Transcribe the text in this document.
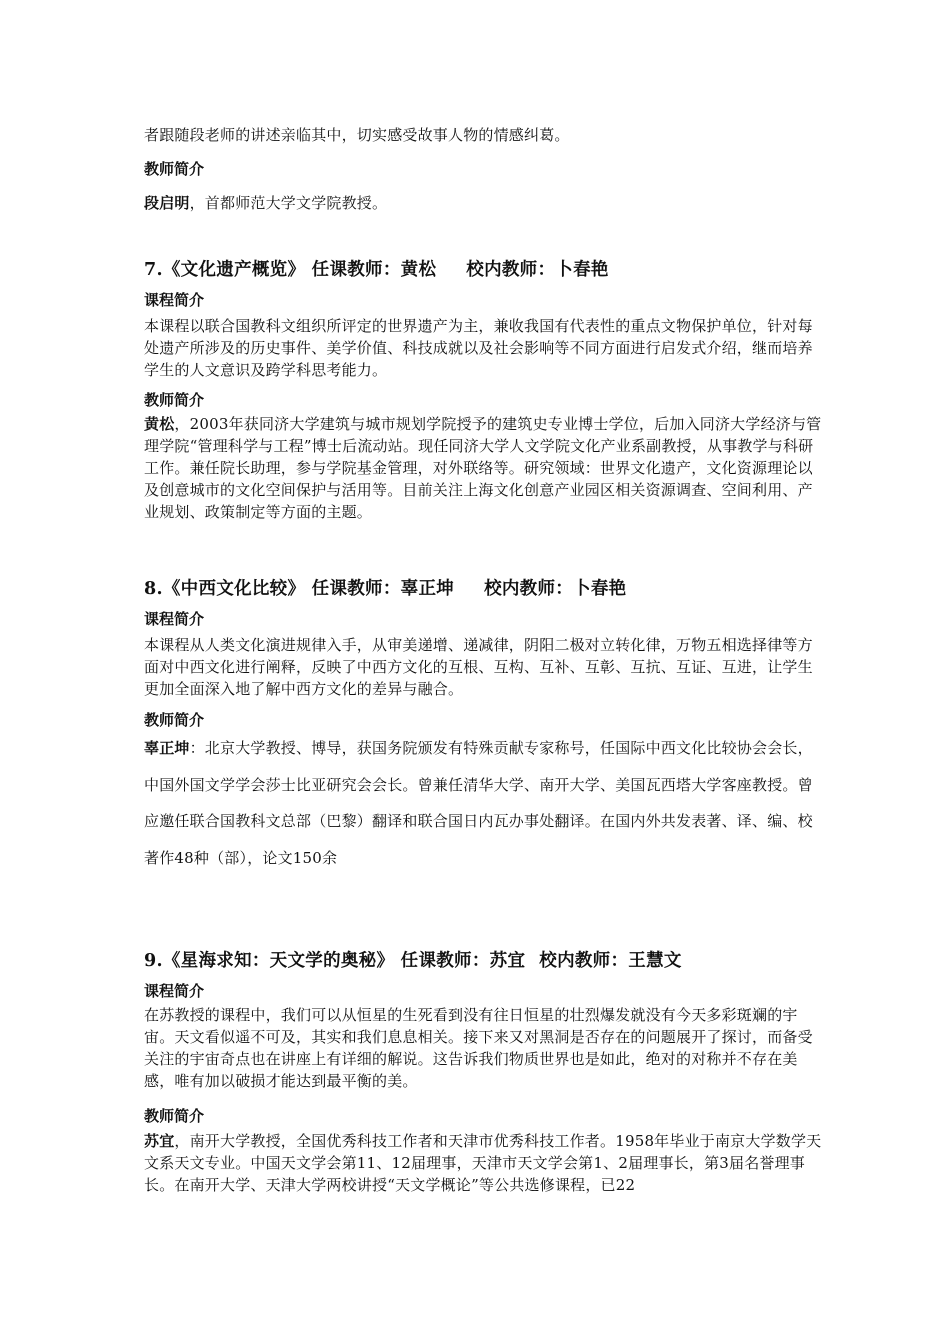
者跟随段老师的讲述亲临其中，切实感受故事人物的情感纠葛。

教师简介

段启明，首都师范大学文学院教授。

7.《文化遗产概览》 任课教师：黄松 校内教师：卜春艳

课程简介

本课程以联合国教科文组织所评定的世界遗产为主，兼收我国有代表性的重点文物保护单位，针对每处遗产所涉及的历史事件、美学价值、科技成就以及社会影响等不同方面进行启发式介绍，继而培养学生的人文意识及跨学科思考能力。

教师简介

黄松，2003年获同济大学建筑与城市规划学院授予的建筑史专业博士学位，后加入同济大学经济与管理学院“管理科学与工程”博士后流动站。现任同济大学人文学院文化产业系副教授，从事教学与科研工作。兼任院长助理，参与学院基金管理，对外联络等。研究领域：世界文化遗产，文化资源理论以及创意城市的文化空间保护与活用等。目前关注上海文化创意产业园区相关资源调查、空间利用、产业规划、政策制定等方面的主题。

8.《中西文化比较》 任课教师：辜正坤 校内教师：卜春艳

课程简介

本课程从人类文化演进规律入手，从审美递增、递减律，阴阳二极对立转化律，万物五相选择律等方面对中西文化进行阐释，反映了中西方文化的互根、互构、互补、互彰、互抗、互证、互进，让学生更加全面深入地了解中西方文化的差异与融合。

教师简介

辜正坤：北京大学教授、博导，获国务院颁发有特殊贡献专家称号，任国际中西文化比较协会会长，中国外国文学学会莎士比亚研究会会长。曾兼任清华大学、南开大学、美国瓦西塔大学客座教授。曾应邀任联合国教科文总部（巴黎）翻译和联合国日内瓦办事处翻译。在国内外共发表著、译、编、校著作48种（部），论文150余

9.《星海求知：天文学的奥秘》 任课教师：苏宜 校内教师：王慧文

课程简介

在苏教授的课程中，我们可以从恒星的生死看到没有往日恒星的壮烈爆发就没有今天多彩斑斓的宇宙。天文看似遥不可及，其实和我们息息相关。接下来又对黑洞是否存在的问题展开了探讨，而备受关注的宇宙奇点也在讲座上有详细的解说。这告诉我们物质世界也是如此，绝对的对称并不存在美感，唯有加以破损才能达到最平衡的美。

教师简介

苏宜，南开大学教授，全国优秀科技工作者和天津市优秀科技工作者。1958年毕业于南京大学数学天文系天文专业。中国天文学会第11、12届理事，天津市天文学会第1、2届理事长，第3届名誉理事长。在南开大学、天津大学两校讲授“天文学概论”等公共选修课程，已22
